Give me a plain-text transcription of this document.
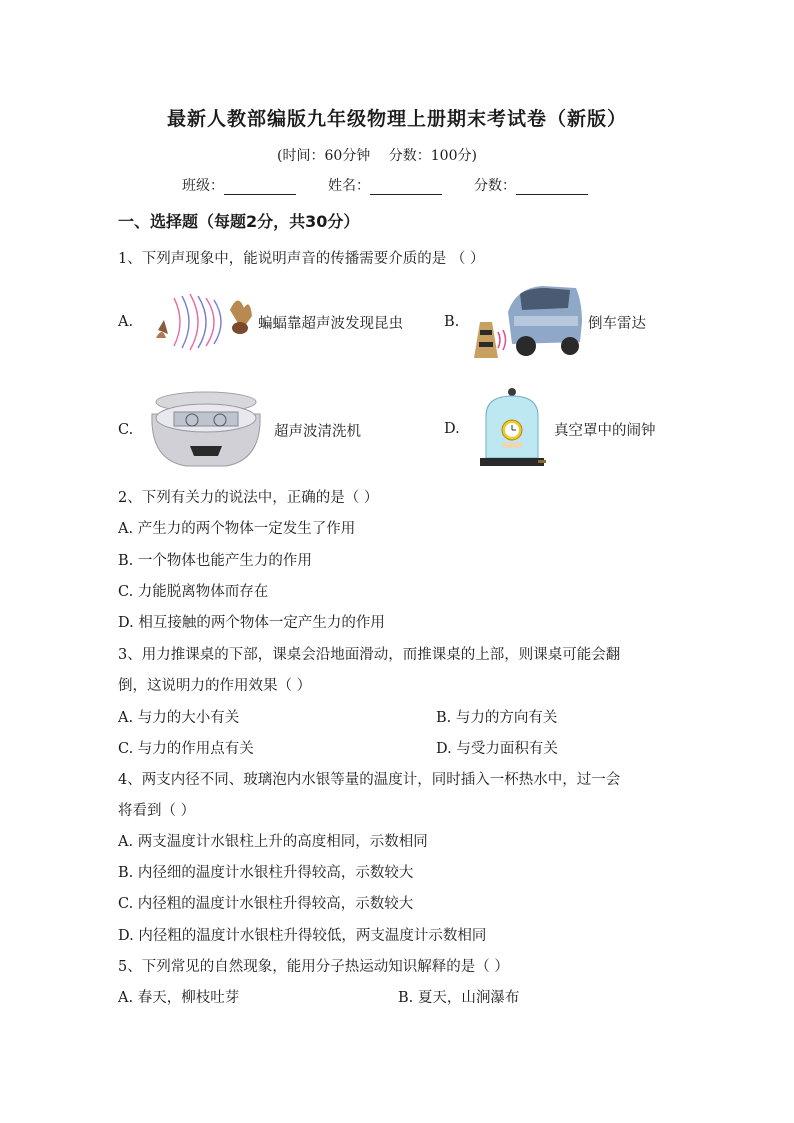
最新人教部编版九年级物理上册期末考试卷（新版）
(时间：60分钟 分数：100分)
班级：	姓名：	分数：
一、选择题（每题2分，共30分）
1、下列声现象中，能说明声音的传播需要介质的是 （ ）
A.	蝙蝠靠超声波发现昆虫	B.	倒车雷达
C.	超声波清洗机	D.	真空罩中的闹钟
2、下列有关力的说法中，正确的是（ ）
A. 产生力的两个物体一定发生了作用
B. 一个物体也能产生力的作用
C. 力能脱离物体而存在
D. 相互接触的两个物体一定产生力的作用
3、用力推课桌的下部，课桌会沿地面滑动，而推课桌的上部，则课桌可能会翻
倒，这说明力的作用效果（ ）
A. 与力的大小有关	B. 与力的方向有关
C. 与力的作用点有关	D. 与受力面积有关
4、两支内径不同、玻璃泡内水银等量的温度计，同时插入一杯热水中，过一会
将看到（ ）
A. 两支温度计水银柱上升的高度相同，示数相同
B. 内径细的温度计水银柱升得较高，示数较大
C. 内径粗的温度计水银柱升得较高，示数较大
D. 内径粗的温度计水银柱升得较低，两支温度计示数相同
5、下列常见的自然现象，能用分子热运动知识解释的是（ ）
A. 春天，柳枝吐芽	B. 夏天，山涧瀑布
